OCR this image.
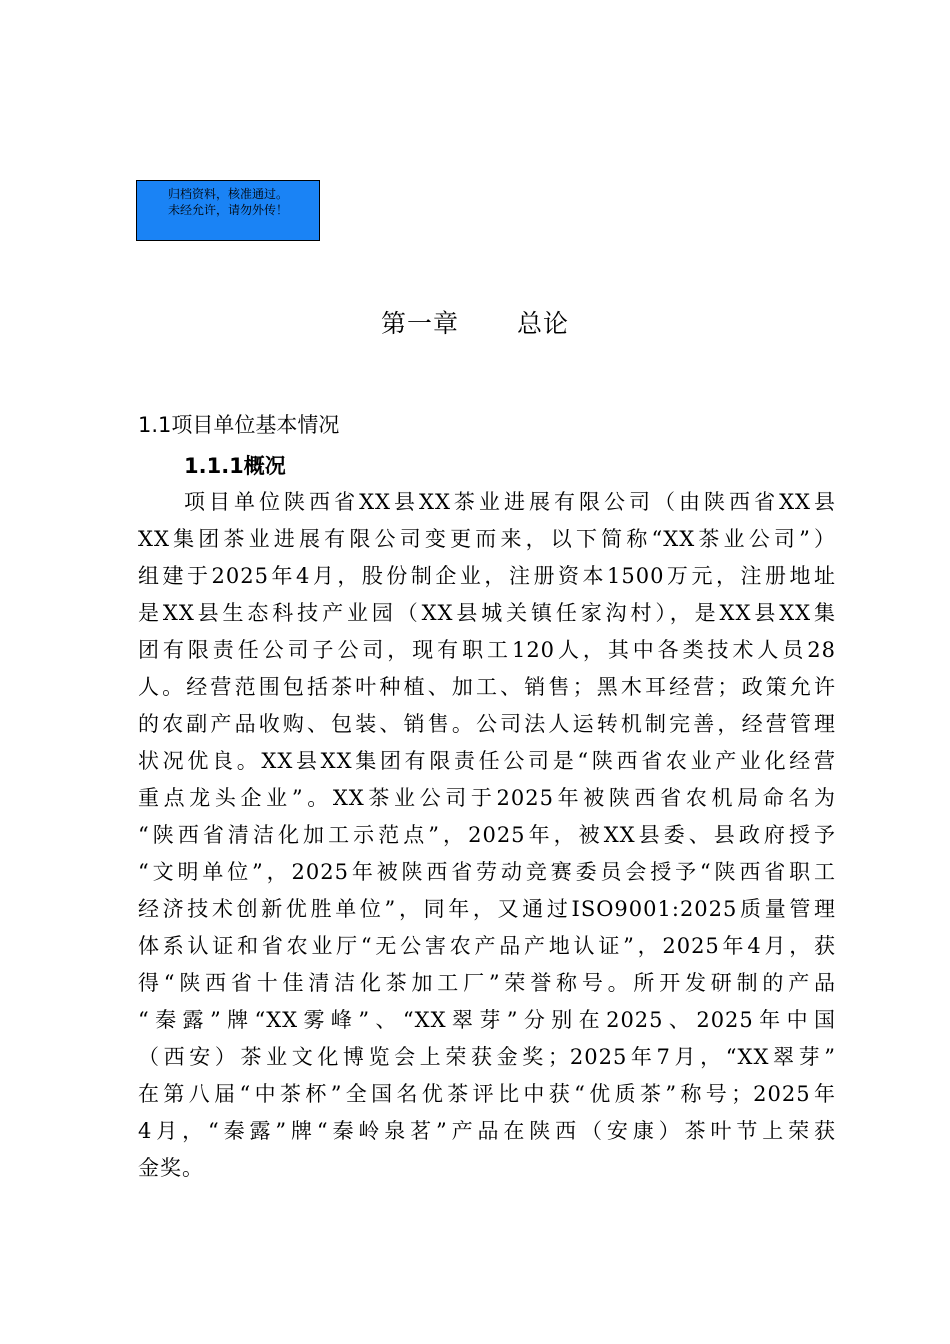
归档资料，核准通过。
未经允许，请勿外传！
第一章 总论
1.1项目单位基本情况
1.1.1概况
项目单位陕西省XX县XX茶业进展有限公司（由陕西省XX县
XX集团茶业进展有限公司变更而来，以下简称“XX茶业公司”）
组建于2025年4月，股份制企业，注册资本1500万元，注册地址
是XX县生态科技产业园（XX县城关镇任家沟村），是XX县XX集
团有限责任公司子公司，现有职工120人，其中各类技术人员28
人。经营范围包括茶叶种植、加工、销售；黑木耳经营；政策允许
的农副产品收购、包装、销售。公司法人运转机制完善，经营管理
状况优良。XX县XX集团有限责任公司是“陕西省农业产业化经营
重点龙头企业”。XX茶业公司于2025年被陕西省农机局命名为
“陕西省清洁化加工示范点”，2025年，被XX县委、县政府授予
“文明单位”，2025年被陕西省劳动竞赛委员会授予“陕西省职工
经济技术创新优胜单位”，同年，又通过ISO9001:2025质量管理
体系认证和省农业厅“无公害农产品产地认证”，2025年4月，获
得“陕西省十佳清洁化茶加工厂”荣誉称号。所开发研制的产品
“秦露”牌“XX雾峰”、“XX翠芽”分别在2025、2025年中国
（西安）茶业文化博览会上荣获金奖；2025年7月，“XX翠芽”
在第八届“中茶杯”全国名优茶评比中获“优质茶”称号；2025年
4月，“秦露”牌“秦岭泉茗”产品在陕西（安康）茶叶节上荣获
金奖。
